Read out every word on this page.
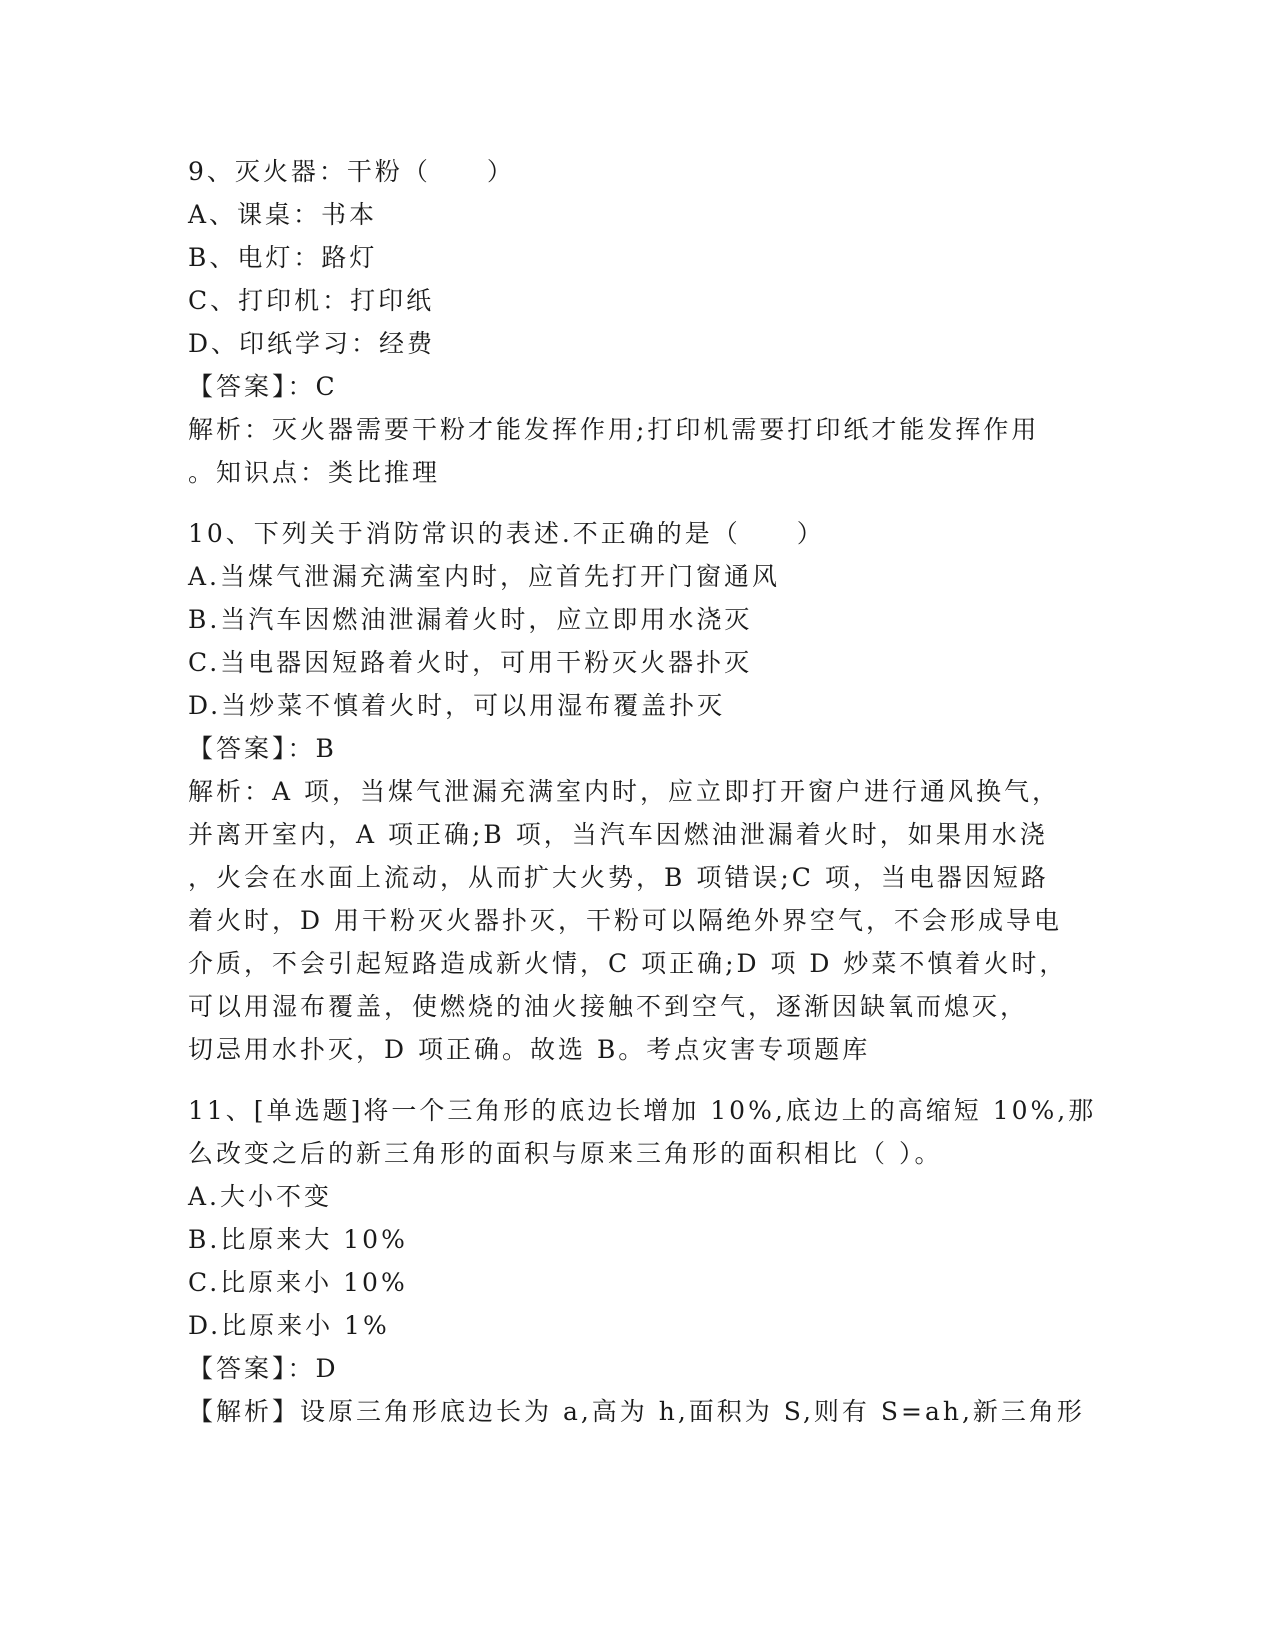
9、灭火器：干粉（　　）
A、课桌：书本
B、电灯：路灯
C、打印机：打印纸
D、印纸学习：经费
【答案】：C
解析：灭火器需要干粉才能发挥作用;打印机需要打印纸才能发挥作用
。知识点：类比推理
10、下列关于消防常识的表述.不正确的是（　　）
A.当煤气泄漏充满室内时，应首先打开门窗通风
B.当汽车因燃油泄漏着火时，应立即用水浇灭
C.当电器因短路着火时，可用干粉灭火器扑灭
D.当炒菜不慎着火时，可以用湿布覆盖扑灭
【答案】：B
解析：A 项，当煤气泄漏充满室内时，应立即打开窗户进行通风换气，
并离开室内，A 项正确;B 项，当汽车因燃油泄漏着火时，如果用水浇
，火会在水面上流动，从而扩大火势，B 项错误;C 项，当电器因短路
着火时，D 用干粉灭火器扑灭，干粉可以隔绝外界空气，不会形成导电
介质，不会引起短路造成新火情，C 项正确;D 项 D 炒菜不慎着火时，
可以用湿布覆盖，使燃烧的油火接触不到空气，逐渐因缺氧而熄灭，
切忌用水扑灭，D 项正确。故选 B。考点灾害专项题库
11、[单选题]将一个三角形的底边长增加 10%,底边上的高缩短 10%,那
么改变之后的新三角形的面积与原来三角形的面积相比（ ）。
A.大小不变
B.比原来大 10%
C.比原来小 10%
D.比原来小 1%
【答案】：D
【解析】设原三角形底边长为 a,高为 h,面积为 S,则有 S=ah,新三角形
